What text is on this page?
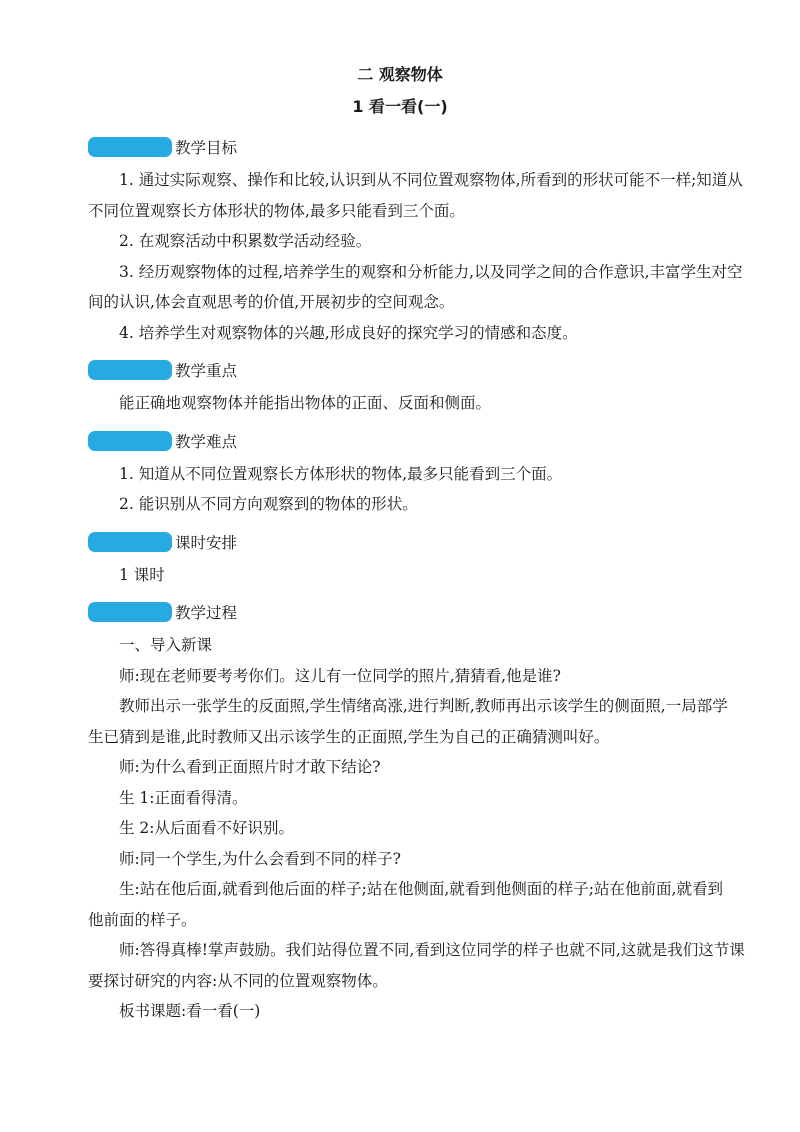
二 观察物体
1 看一看(一)
教学目标

1. 通过实际观察、操作和比较,认识到从不同位置观察物体,所看到的形状可能不一样;知道从

不同位置观察长方体形状的物体,最多只能看到三个面。

2. 在观察活动中积累数学活动经验。

3. 经历观察物体的过程,培养学生的观察和分析能力,以及同学之间的合作意识,丰富学生对空

间的认识,体会直观思考的价值,开展初步的空间观念。

4. 培养学生对观察物体的兴趣,形成良好的探究学习的情感和态度。

教学重点

能正确地观察物体并能指出物体的正面、反面和侧面。

教学难点

1. 知道从不同位置观察长方体形状的物体,最多只能看到三个面。

2. 能识别从不同方向观察到的物体的形状。

课时安排

1 课时

教学过程

一、导入新课

师:现在老师要考考你们。这儿有一位同学的照片,猜猜看,他是谁?

教师出示一张学生的反面照,学生情绪高涨,进行判断,教师再出示该学生的侧面照,一局部学

生已猜到是谁,此时教师又出示该学生的正面照,学生为自己的正确猜测叫好。

师:为什么看到正面照片时才敢下结论?

生 1:正面看得清。

生 2:从后面看不好识别。

师:同一个学生,为什么会看到不同的样子?

生:站在他后面,就看到他后面的样子;站在他侧面,就看到他侧面的样子;站在他前面,就看到

他前面的样子。

师:答得真棒!掌声鼓励。我们站得位置不同,看到这位同学的样子也就不同,这就是我们这节课

要探讨研究的内容:从不同的位置观察物体。

板书课题:看一看(一)
